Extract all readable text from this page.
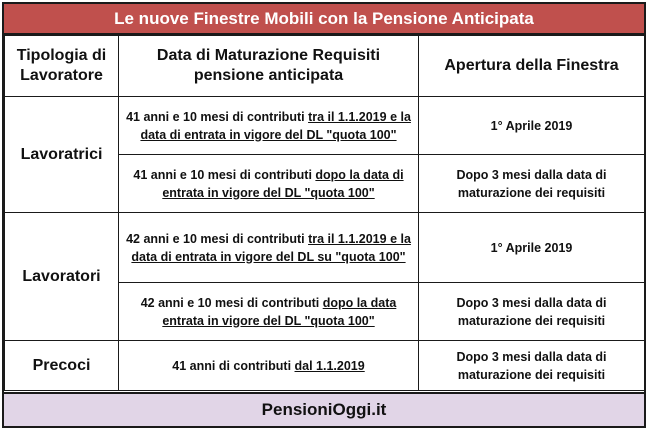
Le nuove Finestre Mobili con la Pensione Anticipata
Tipologia di Lavoratore	Data di Maturazione Requisiti pensione anticipata	Apertura della Finestra
Lavoratrici	41 anni e 10 mesi di contributi tra il 1.1.2019 e la data di entrata in vigore del DL "quota 100"	1° Aprile 2019
	41 anni e 10 mesi di contributi dopo la data di entrata in vigore del DL "quota 100"	Dopo 3 mesi dalla data di maturazione dei requisiti
Lavoratori	42 anni e 10 mesi di contributi tra il 1.1.2019 e la data di entrata in vigore del DL su "quota 100"	1° Aprile 2019
	42 anni e 10 mesi di contributi dopo la data entrata in vigore del DL "quota 100"	Dopo 3 mesi dalla data di maturazione dei requisiti
Precoci	41 anni di contributi dal 1.1.2019	Dopo 3 mesi dalla data di maturazione dei requisiti
PensioniOggi.it
